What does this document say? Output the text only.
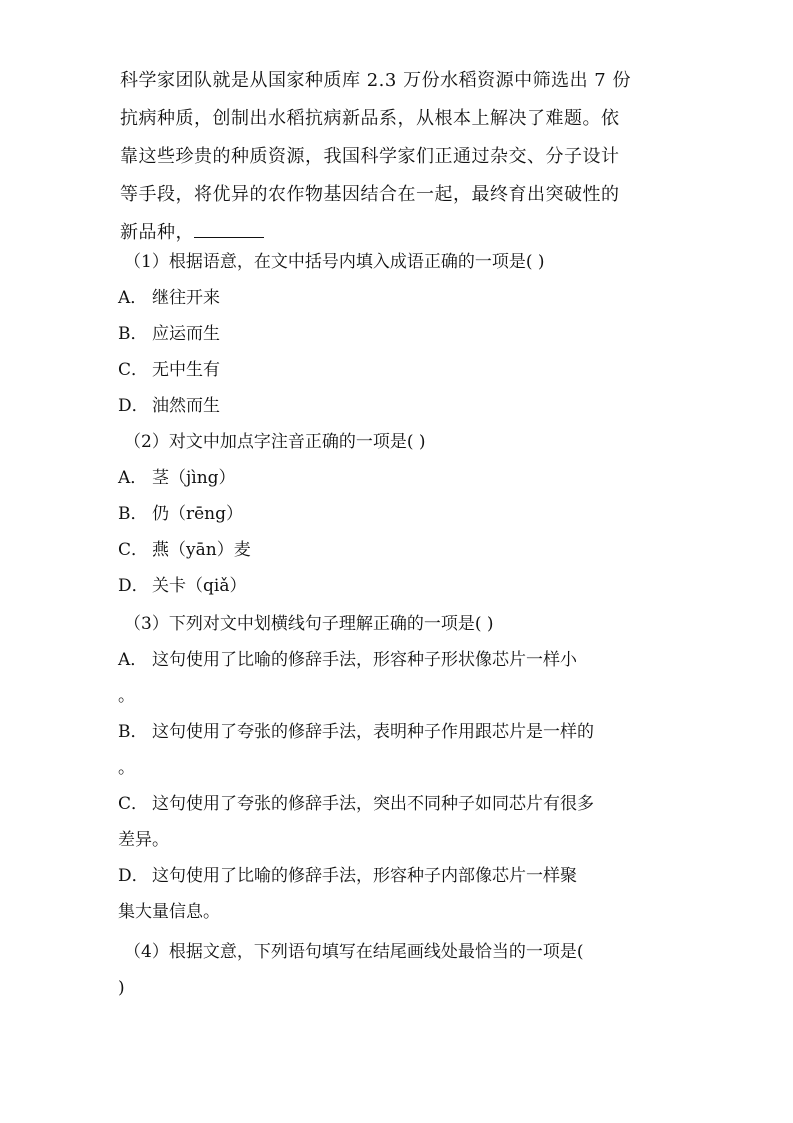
科学家团队就是从国家种质库 2.3 万份水稻资源中筛选出 7 份
抗病种质，创制出水稻抗病新品系，从根本上解决了难题。依
靠这些珍贵的种质资源，我国科学家们正通过杂交、分子设计
等手段，将优异的农作物基因结合在一起，最终育出突破性的
新品种，
（1）根据语意，在文中括号内填入成语正确的一项是( )
A． 继往开来
B． 应运而生
C． 无中生有
D． 油然而生
（2）对文中加点字注音正确的一项是( )
A． 茎（jìng）
B． 仍（rēng）
C． 燕（yān）麦
D． 关卡（qiǎ）
（3）下列对文中划横线句子理解正确的一项是( )
A． 这句使用了比喻的修辞手法，形容种子形状像芯片一样小
。
B． 这句使用了夸张的修辞手法，表明种子作用跟芯片是一样的
。
C． 这句使用了夸张的修辞手法，突出不同种子如同芯片有很多
差异。
D． 这句使用了比喻的修辞手法，形容种子内部像芯片一样聚
集大量信息。
（4）根据文意，下列语句填写在结尾画线处最恰当的一项是(
)
